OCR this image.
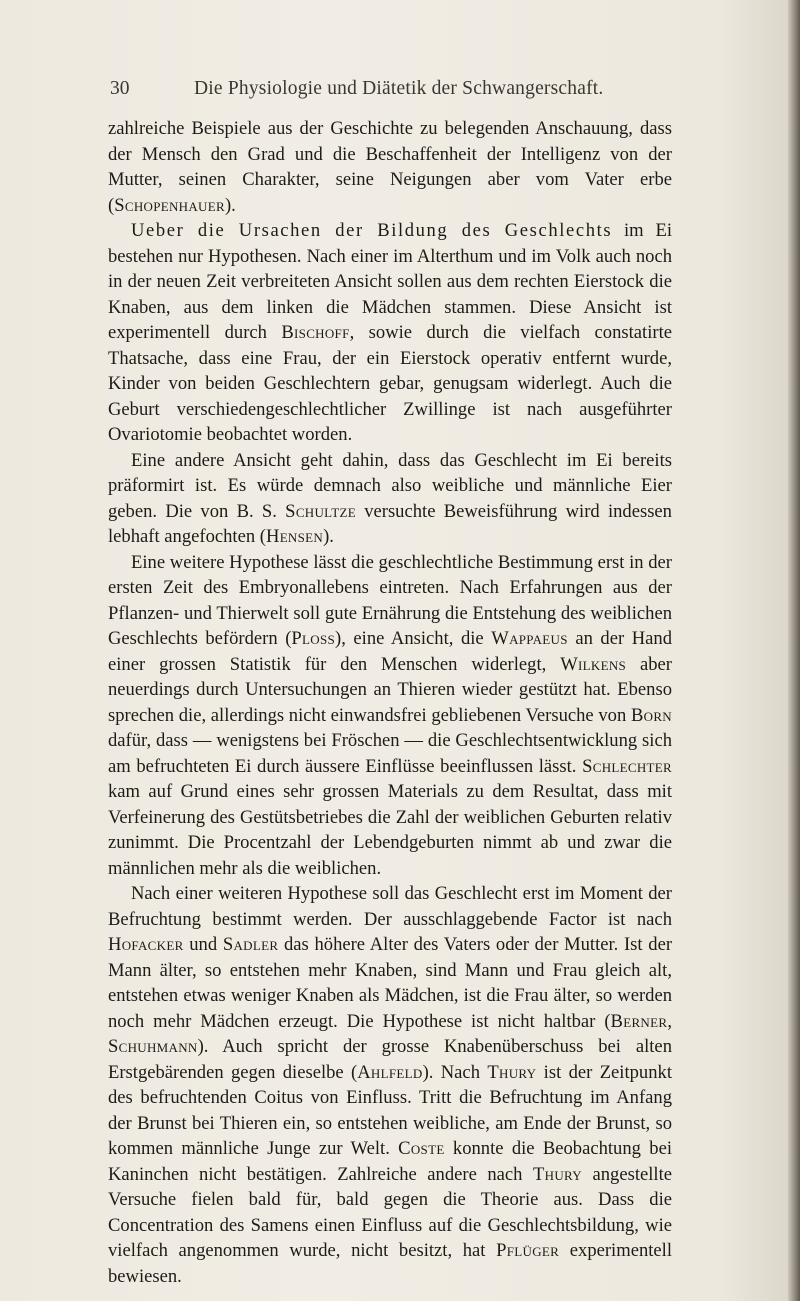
30	Die Physiologie und Diätetik der Schwangerschaft.

zahlreiche Beispiele aus der Geschichte zu belegenden Anschauung, dass der Mensch den Grad und die Beschaffenheit der Intelligenz von der Mutter, seinen Charakter, seine Neigungen aber vom Vater erbe (Schopenhauer).

Ueber die Ursachen der Bildung des Geschlechts im Ei bestehen nur Hypothesen. Nach einer im Alterthum und im Volk auch noch in der neuen Zeit verbreiteten Ansicht sollen aus dem rechten Eierstock die Knaben, aus dem linken die Mädchen stammen. Diese Ansicht ist experimentell durch Bischoff, sowie durch die vielfach constatirte Thatsache, dass eine Frau, der ein Eierstock operativ entfernt wurde, Kinder von beiden Geschlechtern gebar, genugsam widerlegt. Auch die Geburt verschiedengeschlechtlicher Zwillinge ist nach ausgeführter Ovariotomie beobachtet worden.

Eine andere Ansicht geht dahin, dass das Geschlecht im Ei bereits präformirt ist. Es würde demnach also weibliche und männliche Eier geben. Die von B. S. Schultze versuchte Beweisführung wird indessen lebhaft angefochten (Hensen).

Eine weitere Hypothese lässt die geschlechtliche Bestimmung erst in der ersten Zeit des Embryonallebens eintreten. Nach Erfahrungen aus der Pflanzen- und Thierwelt soll gute Ernährung die Entstehung des weiblichen Geschlechts befördern (Ploss), eine Ansicht, die Wappaeus an der Hand einer grossen Statistik für den Menschen widerlegt, Wilkens aber neuerdings durch Untersuchungen an Thieren wieder gestützt hat. Ebenso sprechen die, allerdings nicht einwandsfrei gebliebenen Versuche von Born dafür, dass — wenigstens bei Fröschen — die Geschlechtsentwicklung sich am befruchteten Ei durch äussere Einflüsse beeinflussen lässt. Schlechter kam auf Grund eines sehr grossen Materials zu dem Resultat, dass mit Verfeinerung des Gestütsbetriebes die Zahl der weiblichen Geburten relativ zunimmt. Die Procentzahl der Lebendgeburten nimmt ab und zwar die männlichen mehr als die weiblichen.

Nach einer weiteren Hypothese soll das Geschlecht erst im Moment der Befruchtung bestimmt werden. Der ausschlaggebende Factor ist nach Hofacker und Sadler das höhere Alter des Vaters oder der Mutter. Ist der Mann älter, so entstehen mehr Knaben, sind Mann und Frau gleich alt, entstehen etwas weniger Knaben als Mädchen, ist die Frau älter, so werden noch mehr Mädchen erzeugt. Die Hypothese ist nicht haltbar (Berner, Schuhmann). Auch spricht der grosse Knabenüberschuss bei alten Erstgebärenden gegen dieselbe (Ahlfeld). Nach Thury ist der Zeitpunkt des befruchtenden Coitus von Einfluss. Tritt die Befruchtung im Anfang der Brunst bei Thieren ein, so entstehen weibliche, am Ende der Brunst, so kommen männliche Junge zur Welt. Coste konnte die Beobachtung bei Kaninchen nicht bestätigen. Zahlreiche andere nach Thury angestellte Versuche fielen bald für, bald gegen die Theorie aus. Dass die Concentration des Samens einen Einfluss auf die Geschlechtsbildung, wie vielfach angenommen wurde, nicht besitzt, hat Pflüger experimentell bewiesen.
